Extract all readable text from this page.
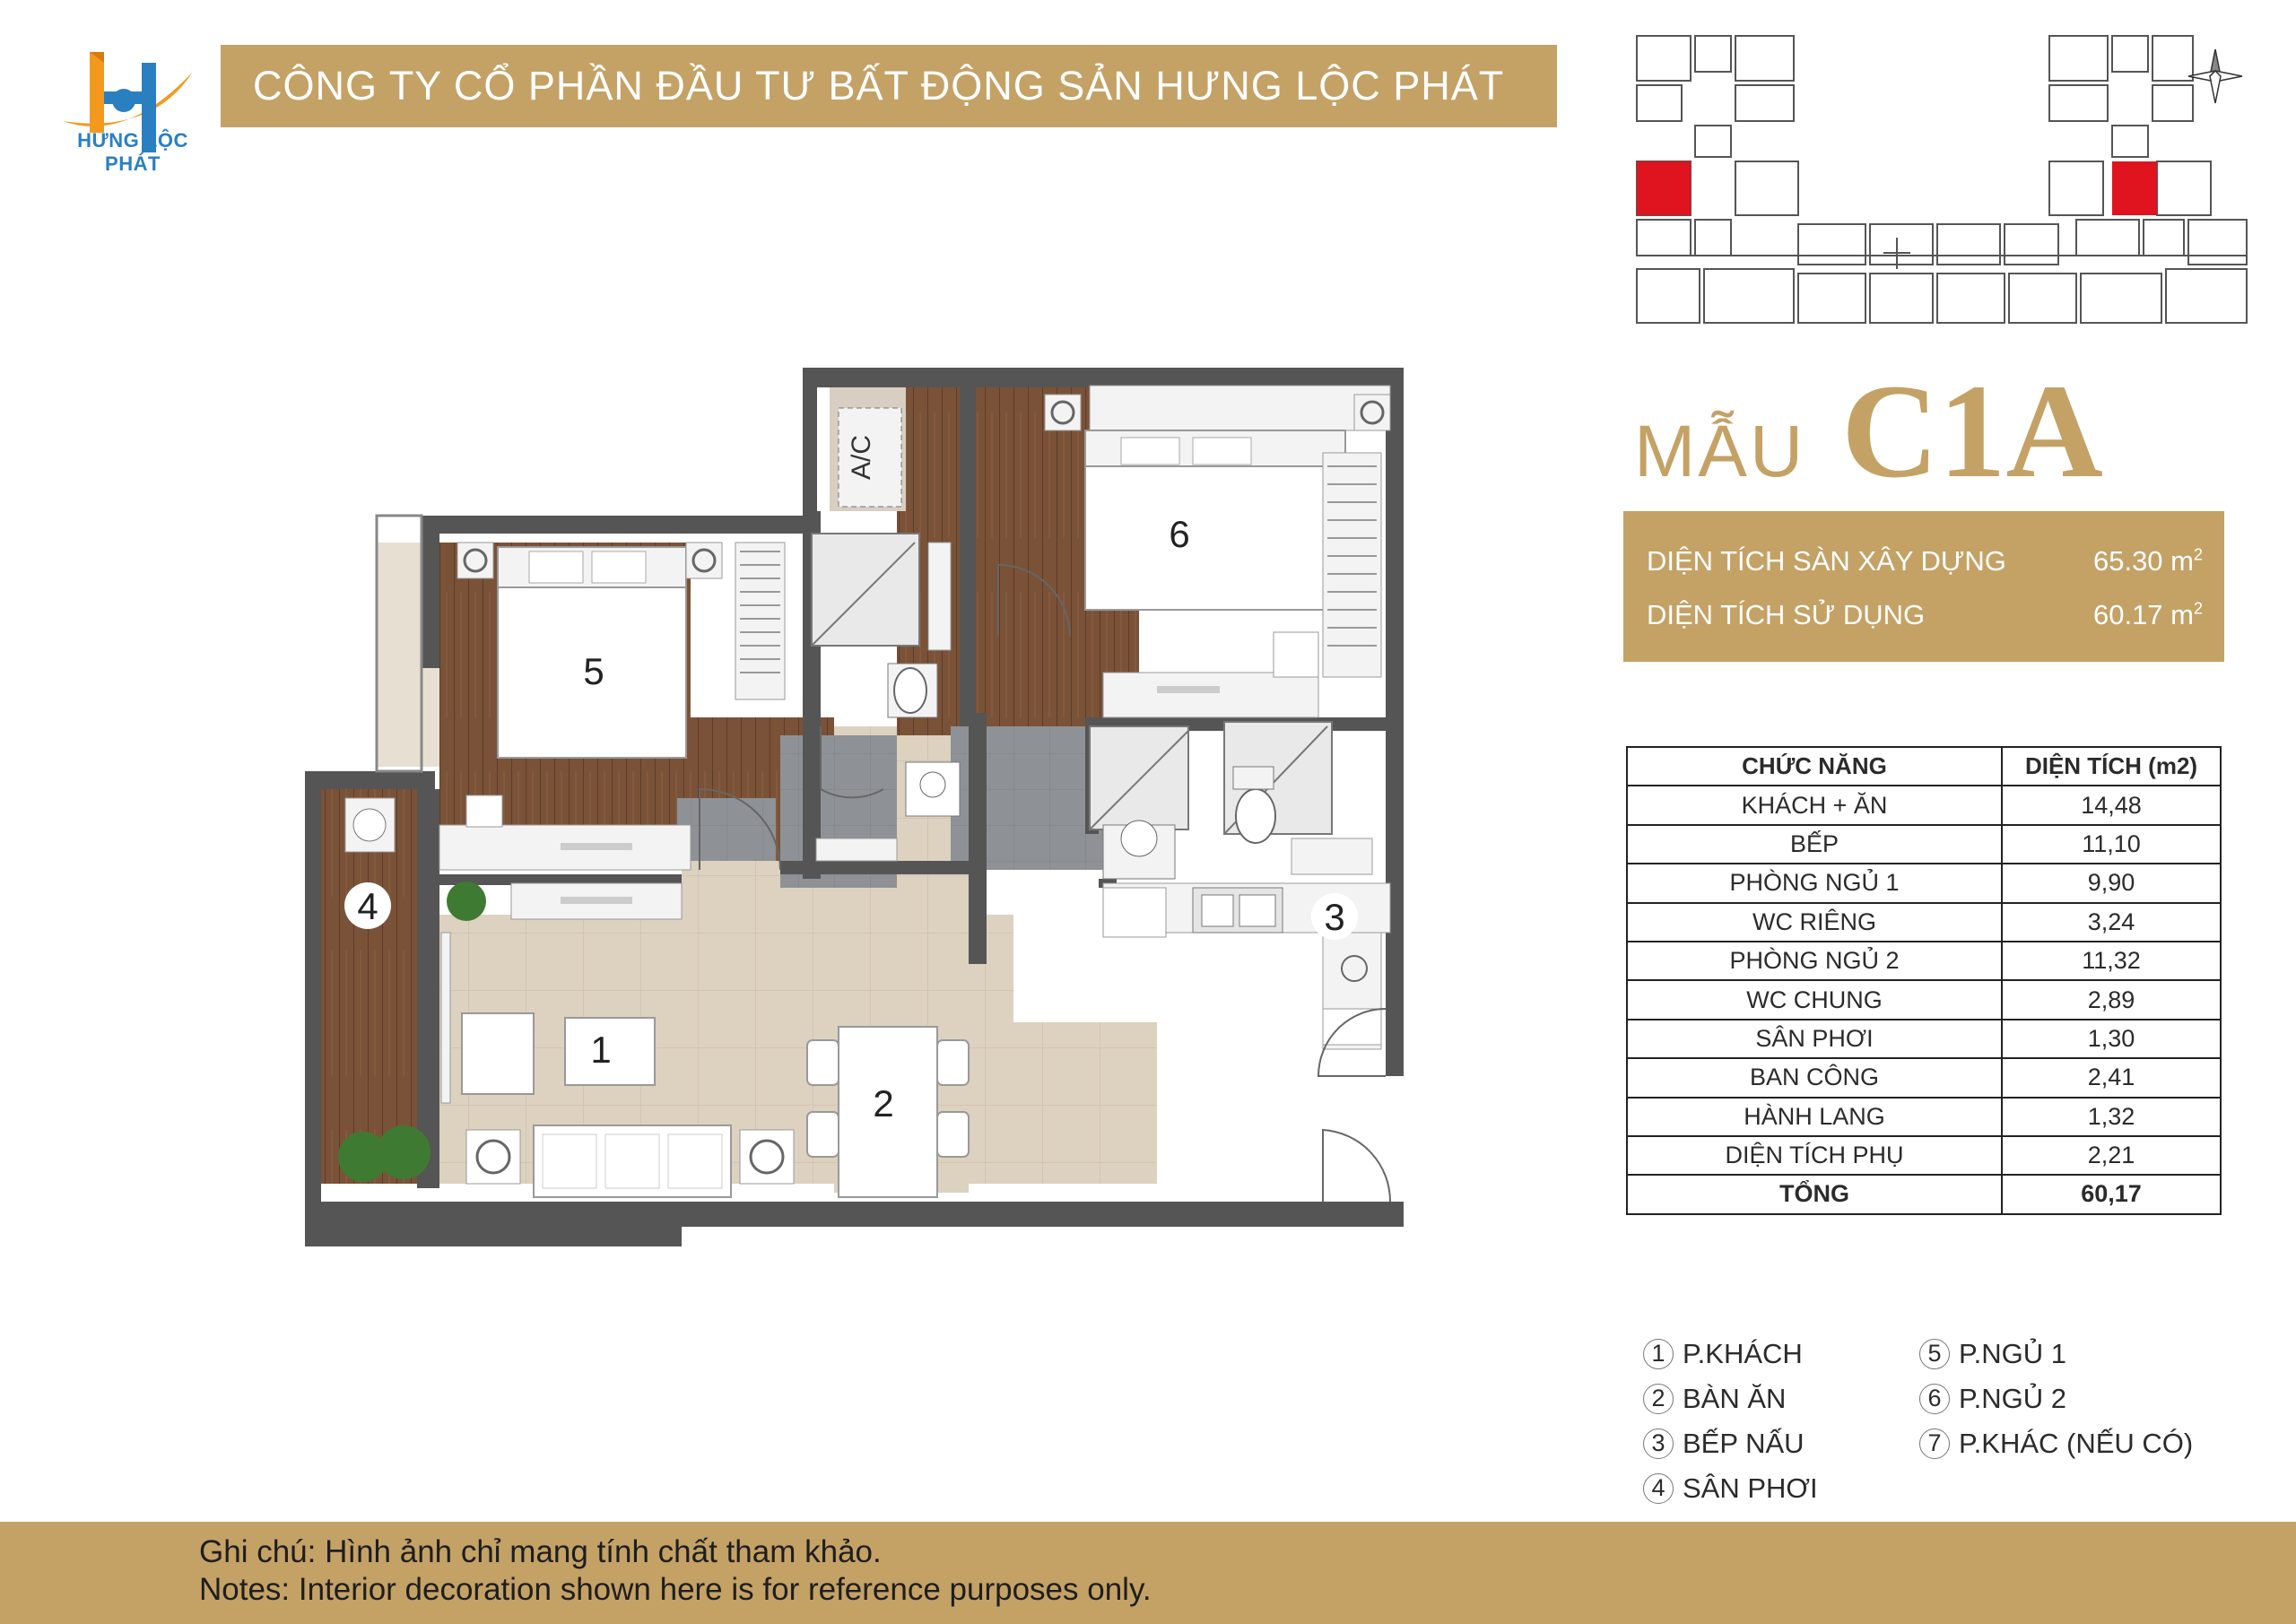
HƯNG LỘC PHÁT
CÔNG TY CỔ PHẦN ĐẦU TƯ BẤT ĐỘNG SẢN HƯNG LỘC PHÁT
MẪU C1A
DIỆN TÍCH SÀN XÂY DỰNG	65.30 $m^2$
DIỆN TÍCH SỬ DỤNG	60.17 $m^2$
CHỨC NĂNG	DIỆN TÍCH (m2)
KHÁCH + ĂN	14,48
BẾP	11,10
PHÒNG NGỦ 1	9,90
WC RIÊNG	3,24
PHÒNG NGỦ 2	11,32
WC CHUNG	2,89
SÂN PHƠI	1,30
BAN CÔNG	2,41
HÀNH LANG	1,32
DIỆN TÍCH PHỤ	2,21
TỔNG	60,17
A/C
1
2
3
4
5
6
1 P.KHÁCH
2 BÀN ĂN
3 BẾP NẤU
4 SÂN PHƠI
5 P.NGỦ 1
6 P.NGỦ 2
7 P.KHÁC (NẾU CÓ)
Ghi chú: Hình ảnh chỉ mang tính chất tham khảo.
Notes: Interior decoration shown here is for reference purposes only.
